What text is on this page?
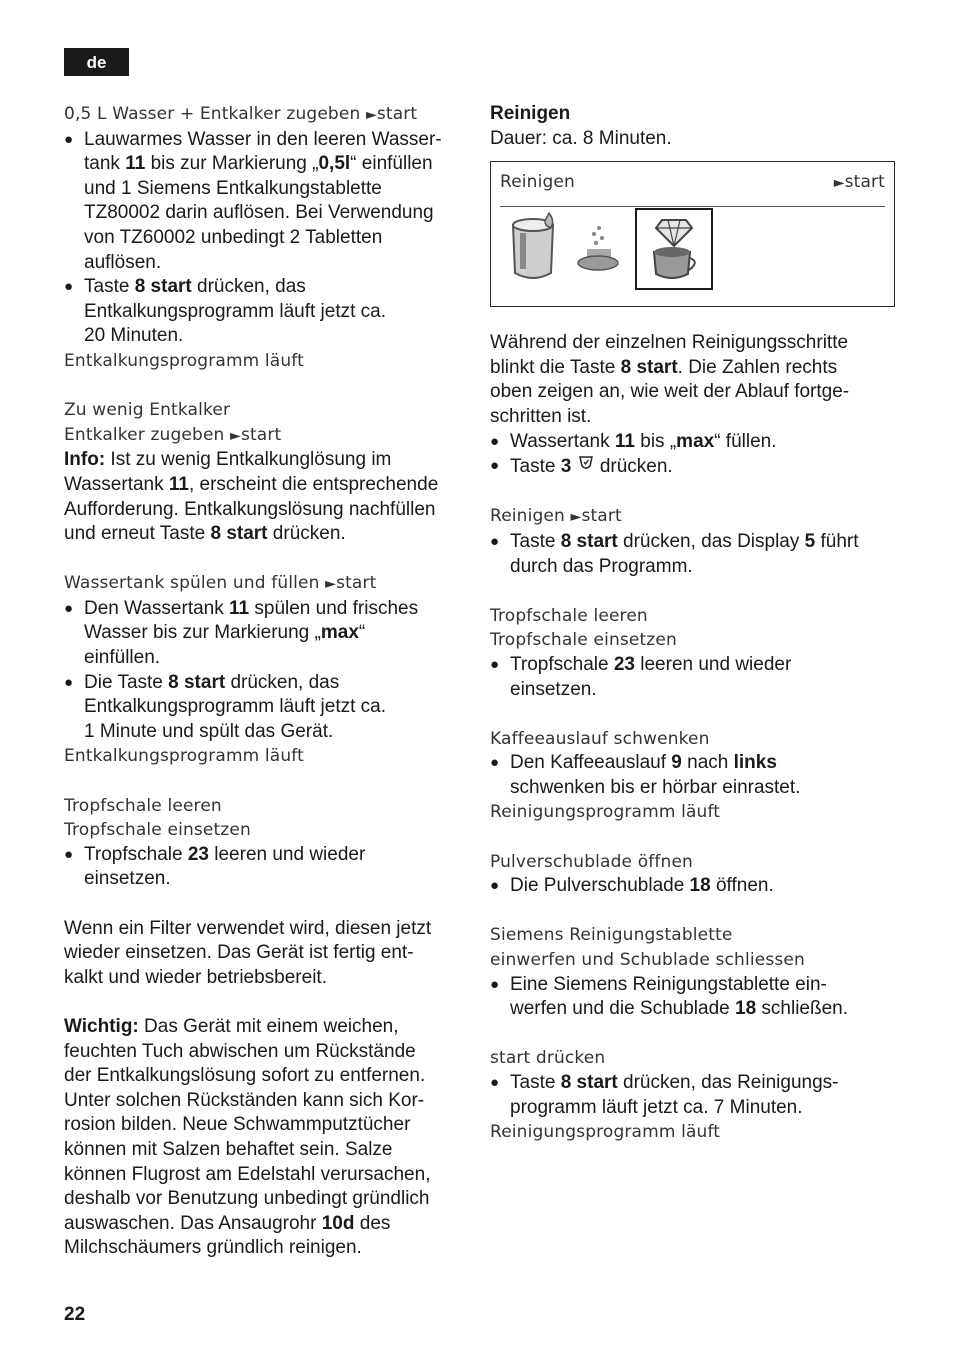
de
0,5 L Wasser + Entkalker zugeben ►start
● Lauwarmes Wasser in den leeren Wasser-
tank 11 bis zur Markierung „0,5l“ einfüllen
und 1 Siemens Entkalkungstablette
TZ80002 darin auflösen. Bei Verwendung
von TZ60002 unbedingt 2 Tabletten
auflösen.
● Taste 8 start drücken, das
Entkalkungsprogramm läuft jetzt ca.
20 Minuten.
Entkalkungsprogramm läuft
Zu wenig Entkalker
Entkalker zugeben ►start
Info: Ist zu wenig Entkalkunglösung im
Wassertank 11, erscheint die entsprechende
Aufforderung. Entkalkungslösung nachfüllen
und erneut Taste 8 start drücken.
Wassertank spülen und füllen ►start
● Den Wassertank 11 spülen und frisches
Wasser bis zur Markierung „max“
einfüllen.
● Die Taste 8 start drücken, das
Entkalkungsprogramm läuft jetzt ca.
1 Minute und spült das Gerät.
Entkalkungsprogramm läuft
Tropfschale leeren
Tropfschale einsetzen
● Tropfschale 23 leeren und wieder
einsetzen.
Wenn ein Filter verwendet wird, diesen jetzt
wieder einsetzen. Das Gerät ist fertig ent-
kalkt und wieder betriebsbereit.
Wichtig: Das Gerät mit einem weichen,
feuchten Tuch abwischen um Rückstände
der Entkalkungslösung sofort zu entfernen.
Unter solchen Rückständen kann sich Kor-
rosion bilden. Neue Schwammputztücher
können mit Salzen behaftet sein. Salze
können Flugrost am Edelstahl verursachen,
deshalb vor Benutzung unbedingt gründlich
auswaschen. Das Ansaugrohr 10d des
Milchschäumers gründlich reinigen.
Reinigen
Dauer: ca. 8 Minuten.
Reinigen	►start
Während der einzelnen Reinigungsschritte
blinkt die Taste 8 start. Die Zahlen rechts
oben zeigen an, wie weit der Ablauf fortge-
schritten ist.
● Wassertank 11 bis „max“ füllen.
● Taste 3  drücken.
Reinigen ►start
● Taste 8 start drücken, das Display 5 führt
durch das Programm.
Tropfschale leeren
Tropfschale einsetzen
● Tropfschale 23 leeren und wieder
einsetzen.
Kaffeeauslauf schwenken
● Den Kaffeeauslauf 9 nach links
schwenken bis er hörbar einrastet.
Reinigungsprogramm läuft
Pulverschublade öffnen
● Die Pulverschublade 18 öffnen.
Siemens Reinigungstablette
einwerfen und Schublade schliessen
● Eine Siemens Reinigungstablette ein-
werfen und die Schublade 18 schließen.
start drücken
● Taste 8 start drücken, das Reinigungs-
programm läuft jetzt ca. 7 Minuten.
Reinigungsprogramm läuft
22
